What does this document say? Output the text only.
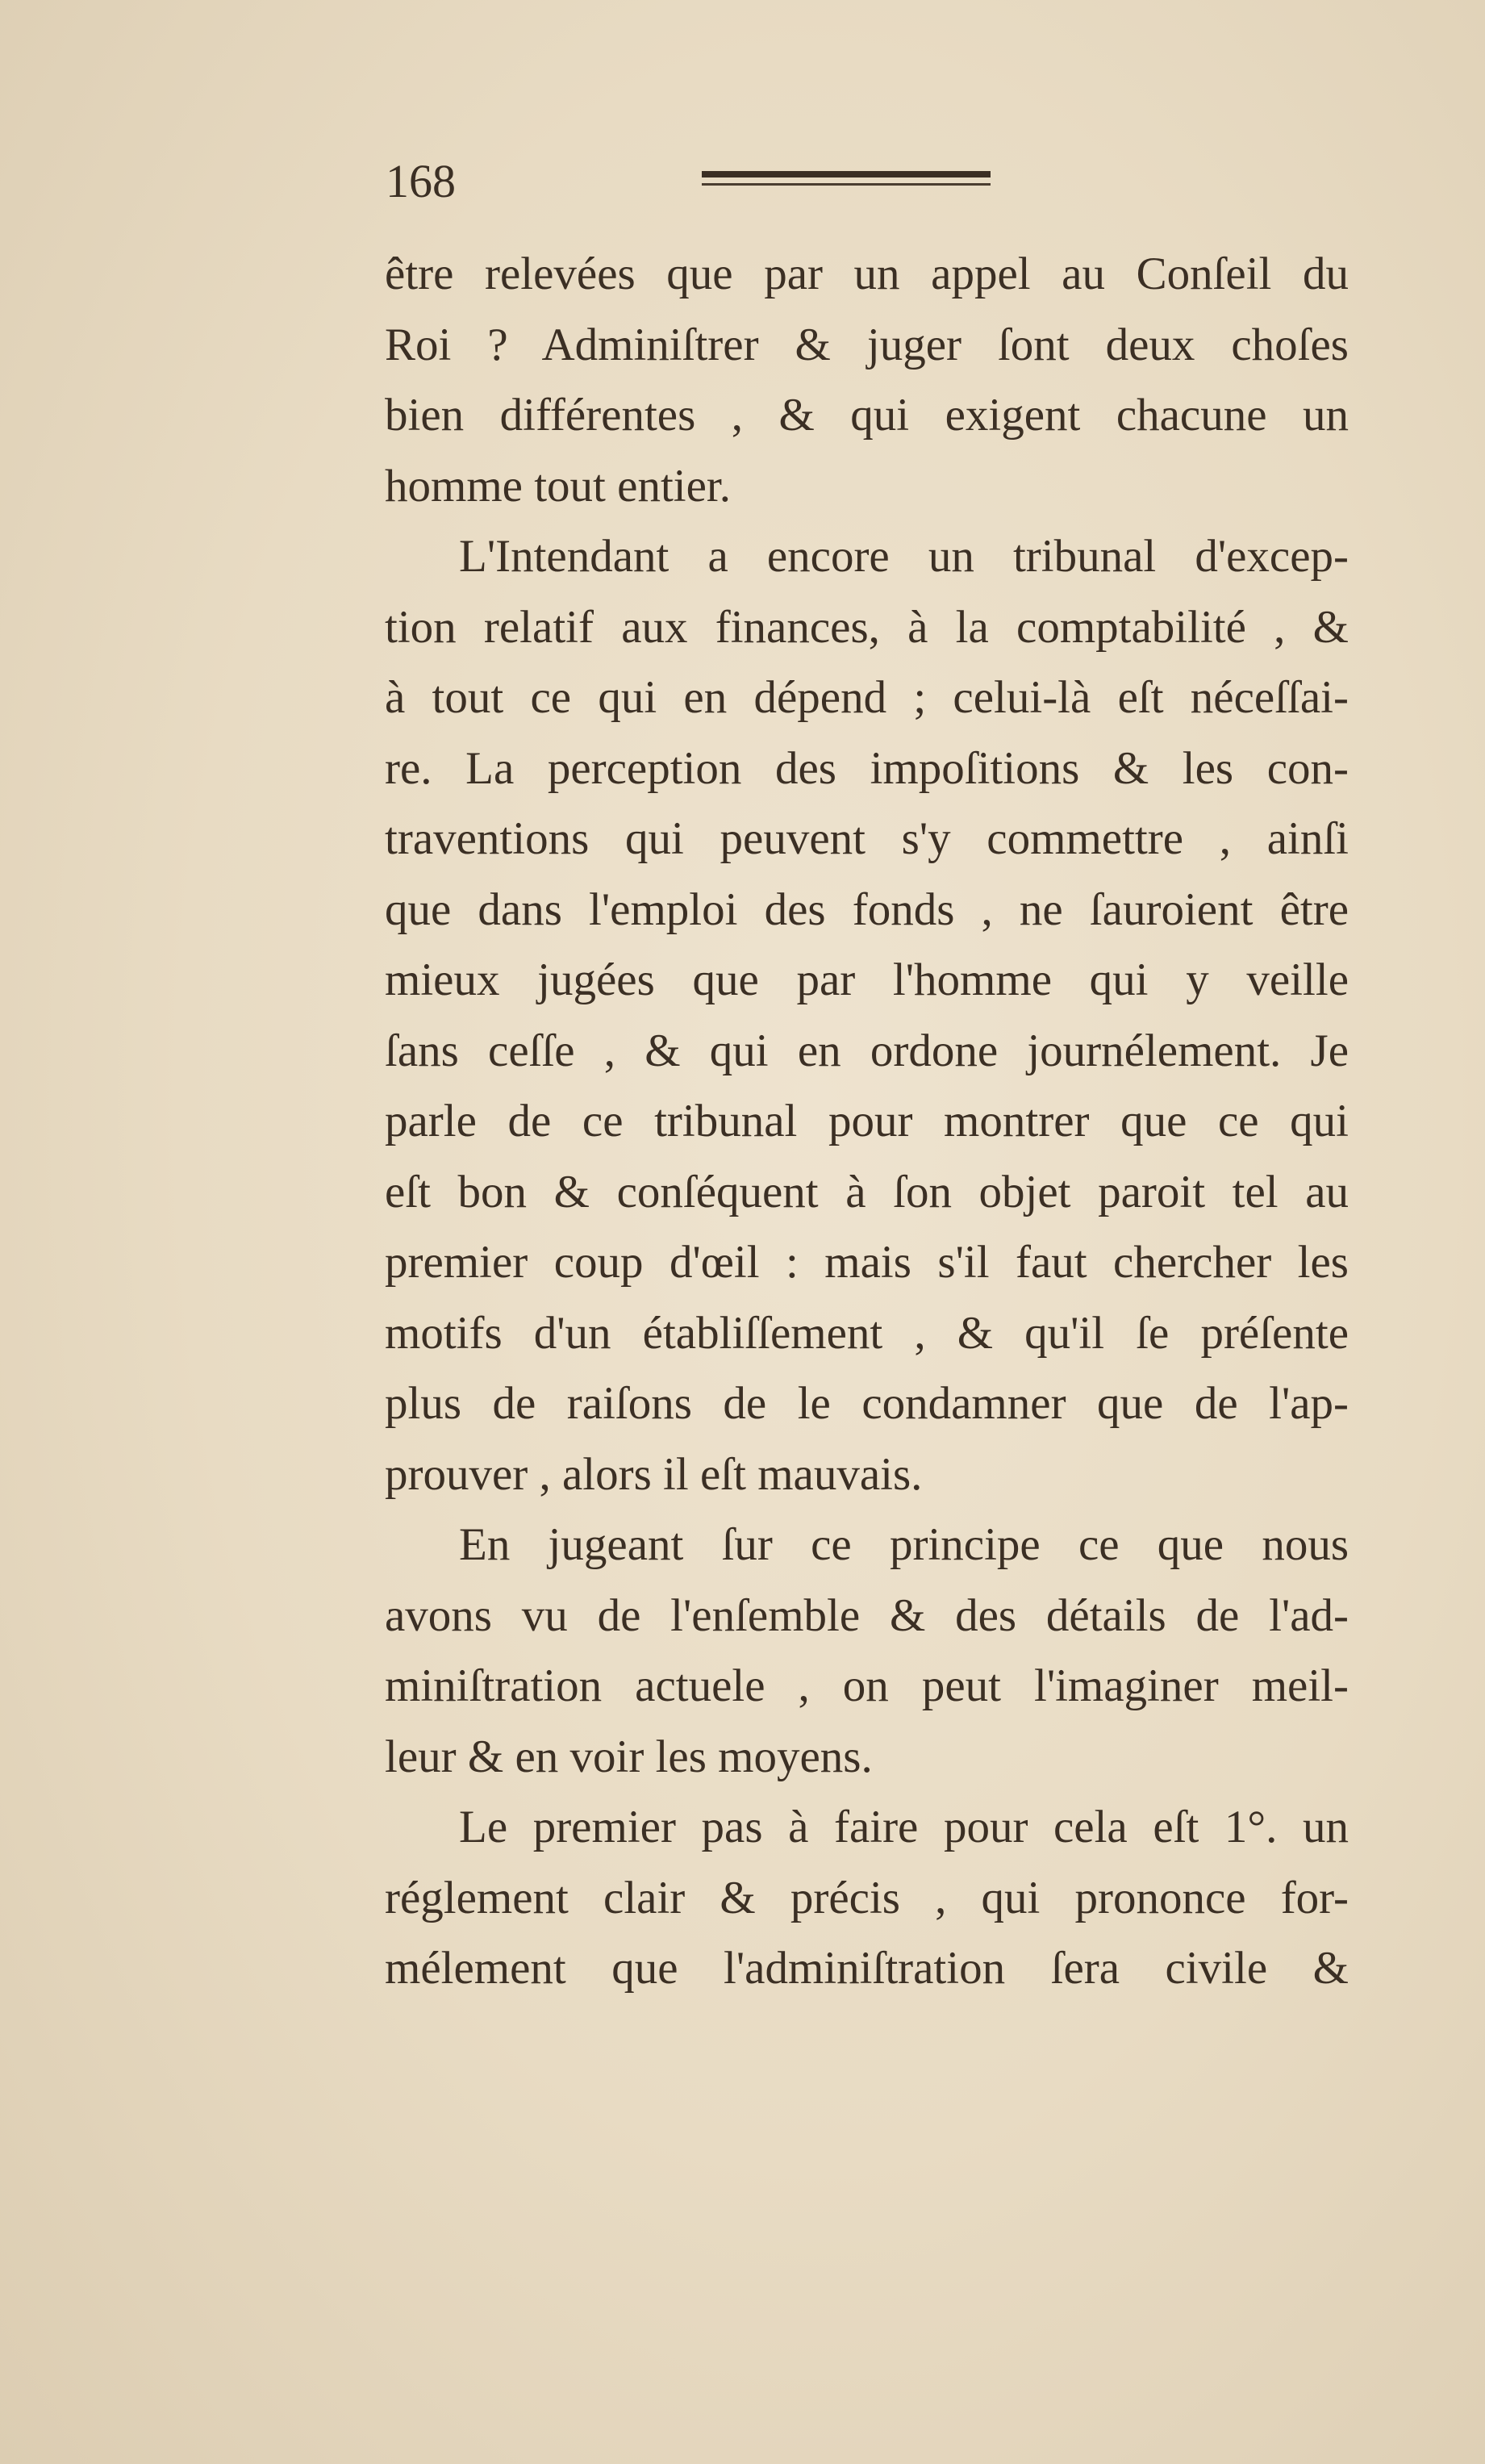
168
être relevées que par un appel au Conſeil du
Roi ? Adminiſtrer & juger ſont deux choſes
bien différentes , & qui exigent chacune un
homme tout entier.
L'Intendant a encore un tribunal d'excep-
tion relatif aux finances, à la comptabilité , &
à tout ce qui en dépend ; celui-là eſt néceſſai-
re. La perception des impoſitions & les con-
traventions qui peuvent s'y commettre , ainſi
que dans l'emploi des fonds , ne ſauroient être
mieux jugées que par l'homme qui y veille
ſans ceſſe , & qui en ordone journélement. Je
parle de ce tribunal pour montrer que ce qui
eſt bon & conſéquent à ſon objet paroit tel au
premier coup d'œil : mais s'il faut chercher les
motifs d'un établiſſement , & qu'il ſe préſente
plus de raiſons de le condamner que de l'ap-
prouver , alors il eſt mauvais.
En jugeant ſur ce principe ce que nous
avons vu de l'enſemble & des détails de l'ad-
miniſtration actuele , on peut l'imaginer meil-
leur & en voir les moyens.
Le premier pas à faire pour cela eſt 1°. un
réglement clair & précis , qui prononce for-
mélement que l'adminiſtration ſera civile &
